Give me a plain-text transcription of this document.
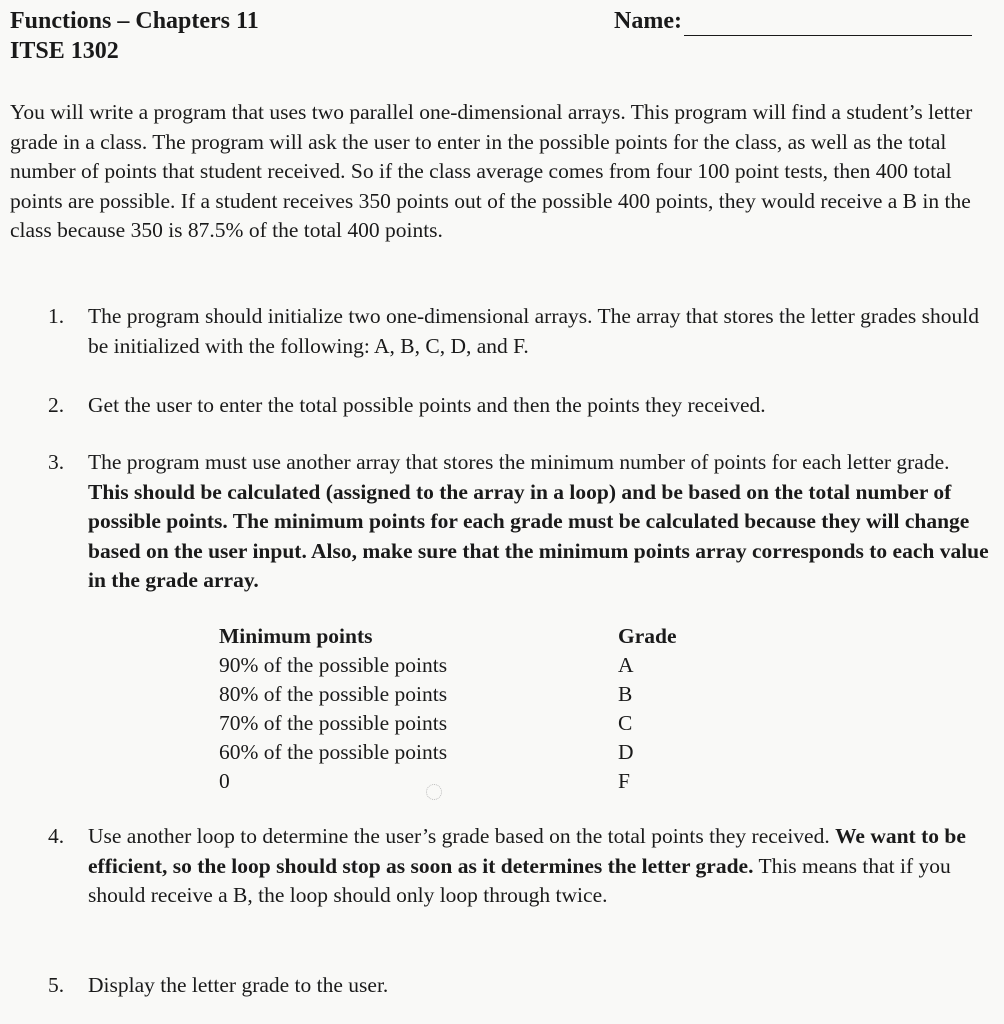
Functions – Chapters 11
ITSE 1302
Name:

You will write a program that uses two parallel one-dimensional arrays. This program will find a student’s letter grade in a class. The program will ask the user to enter in the possible points for the class, as well as the total number of points that student received. So if the class average comes from four 100 point tests, then 400 total points are possible. If a student receives 350 points out of the possible 400 points, they would receive a B in the class because 350 is 87.5% of the total 400 points.

1. The program should initialize two one-dimensional arrays. The array that stores the letter grades should be initialized with the following: A, B, C, D, and F.
2. Get the user to enter the total possible points and then the points they received.
3. The program must use another array that stores the minimum number of points for each letter grade. This should be calculated (assigned to the array in a loop) and be based on the total number of possible points. The minimum points for each grade must be calculated because they will change based on the user input. Also, make sure that the minimum points array corresponds to each value in the grade array.
4. Use another loop to determine the user’s grade based on the total points they received. We want to be efficient, so the loop should stop as soon as it determines the letter grade. This means that if you should receive a B, the loop should only loop through twice.
5. Display the letter grade to the user.
Minimum points
90% of the possible points
80% of the possible points
70% of the possible points
60% of the possible points
0
Grade
A
B
C
D
F
